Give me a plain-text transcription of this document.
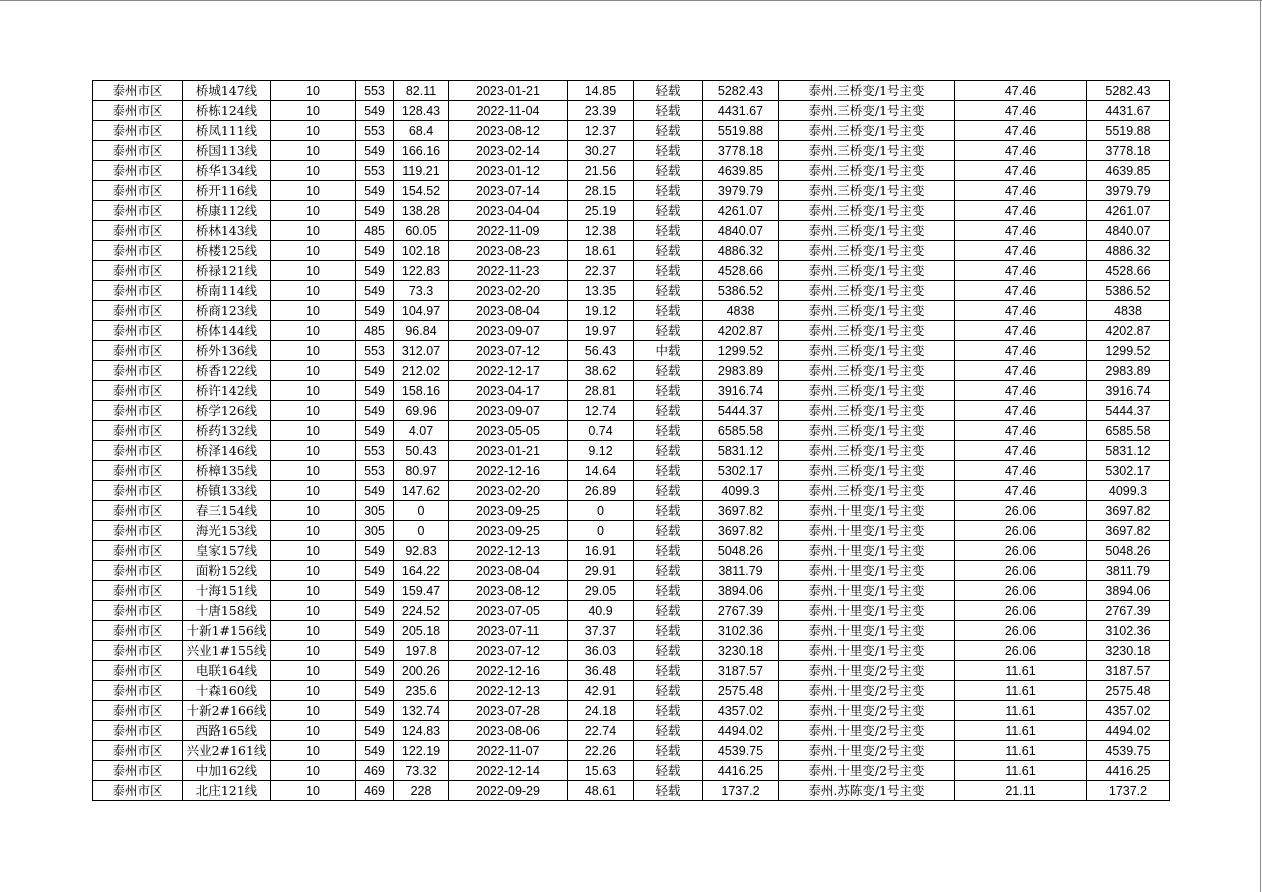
泰州市区	桥城147线	10	553	82.11	2023-01-21	14.85	轻载	5282.43	泰州.三桥变/1号主变	47.46	5282.43
泰州市区	桥栋124线	10	549	128.43	2022-11-04	23.39	轻载	4431.67	泰州.三桥变/1号主变	47.46	4431.67
泰州市区	桥凤111线	10	553	68.4	2023-08-12	12.37	轻载	5519.88	泰州.三桥变/1号主变	47.46	5519.88
泰州市区	桥国113线	10	549	166.16	2023-02-14	30.27	轻载	3778.18	泰州.三桥变/1号主变	47.46	3778.18
泰州市区	桥华134线	10	553	119.21	2023-01-12	21.56	轻载	4639.85	泰州.三桥变/1号主变	47.46	4639.85
泰州市区	桥开116线	10	549	154.52	2023-07-14	28.15	轻载	3979.79	泰州.三桥变/1号主变	47.46	3979.79
泰州市区	桥康112线	10	549	138.28	2023-04-04	25.19	轻载	4261.07	泰州.三桥变/1号主变	47.46	4261.07
泰州市区	桥林143线	10	485	60.05	2022-11-09	12.38	轻载	4840.07	泰州.三桥变/1号主变	47.46	4840.07
泰州市区	桥楼125线	10	549	102.18	2023-08-23	18.61	轻载	4886.32	泰州.三桥变/1号主变	47.46	4886.32
泰州市区	桥禄121线	10	549	122.83	2022-11-23	22.37	轻载	4528.66	泰州.三桥变/1号主变	47.46	4528.66
泰州市区	桥南114线	10	549	73.3	2023-02-20	13.35	轻载	5386.52	泰州.三桥变/1号主变	47.46	5386.52
泰州市区	桥商123线	10	549	104.97	2023-08-04	19.12	轻载	4838	泰州.三桥变/1号主变	47.46	4838
泰州市区	桥体144线	10	485	96.84	2023-09-07	19.97	轻载	4202.87	泰州.三桥变/1号主变	47.46	4202.87
泰州市区	桥外136线	10	553	312.07	2023-07-12	56.43	中载	1299.52	泰州.三桥变/1号主变	47.46	1299.52
泰州市区	桥香122线	10	549	212.02	2022-12-17	38.62	轻载	2983.89	泰州.三桥变/1号主变	47.46	2983.89
泰州市区	桥许142线	10	549	158.16	2023-04-17	28.81	轻载	3916.74	泰州.三桥变/1号主变	47.46	3916.74
泰州市区	桥学126线	10	549	69.96	2023-09-07	12.74	轻载	5444.37	泰州.三桥变/1号主变	47.46	5444.37
泰州市区	桥药132线	10	549	4.07	2023-05-05	0.74	轻载	6585.58	泰州.三桥变/1号主变	47.46	6585.58
泰州市区	桥泽146线	10	553	50.43	2023-01-21	9.12	轻载	5831.12	泰州.三桥变/1号主变	47.46	5831.12
泰州市区	桥樟135线	10	553	80.97	2022-12-16	14.64	轻载	5302.17	泰州.三桥变/1号主变	47.46	5302.17
泰州市区	桥镇133线	10	549	147.62	2023-02-20	26.89	轻载	4099.3	泰州.三桥变/1号主变	47.46	4099.3
泰州市区	春三154线	10	305	0	2023-09-25	0	轻载	3697.82	泰州.十里变/1号主变	26.06	3697.82
泰州市区	海光153线	10	305	0	2023-09-25	0	轻载	3697.82	泰州.十里变/1号主变	26.06	3697.82
泰州市区	皇家157线	10	549	92.83	2022-12-13	16.91	轻载	5048.26	泰州.十里变/1号主变	26.06	5048.26
泰州市区	面粉152线	10	549	164.22	2023-08-04	29.91	轻载	3811.79	泰州.十里变/1号主变	26.06	3811.79
泰州市区	十海151线	10	549	159.47	2023-08-12	29.05	轻载	3894.06	泰州.十里变/1号主变	26.06	3894.06
泰州市区	十唐158线	10	549	224.52	2023-07-05	40.9	轻载	2767.39	泰州.十里变/1号主变	26.06	2767.39
泰州市区	十新1#156线	10	549	205.18	2023-07-11	37.37	轻载	3102.36	泰州.十里变/1号主变	26.06	3102.36
泰州市区	兴业1#155线	10	549	197.8	2023-07-12	36.03	轻载	3230.18	泰州.十里变/1号主变	26.06	3230.18
泰州市区	电联164线	10	549	200.26	2022-12-16	36.48	轻载	3187.57	泰州.十里变/2号主变	11.61	3187.57
泰州市区	十森160线	10	549	235.6	2022-12-13	42.91	轻载	2575.48	泰州.十里变/2号主变	11.61	2575.48
泰州市区	十新2#166线	10	549	132.74	2023-07-28	24.18	轻载	4357.02	泰州.十里变/2号主变	11.61	4357.02
泰州市区	西路165线	10	549	124.83	2023-08-06	22.74	轻载	4494.02	泰州.十里变/2号主变	11.61	4494.02
泰州市区	兴业2#161线	10	549	122.19	2022-11-07	22.26	轻载	4539.75	泰州.十里变/2号主变	11.61	4539.75
泰州市区	中加162线	10	469	73.32	2022-12-14	15.63	轻载	4416.25	泰州.十里变/2号主变	11.61	4416.25
泰州市区	北庄121线	10	469	228	2022-09-29	48.61	轻载	1737.2	泰州.苏陈变/1号主变	21.11	1737.2
